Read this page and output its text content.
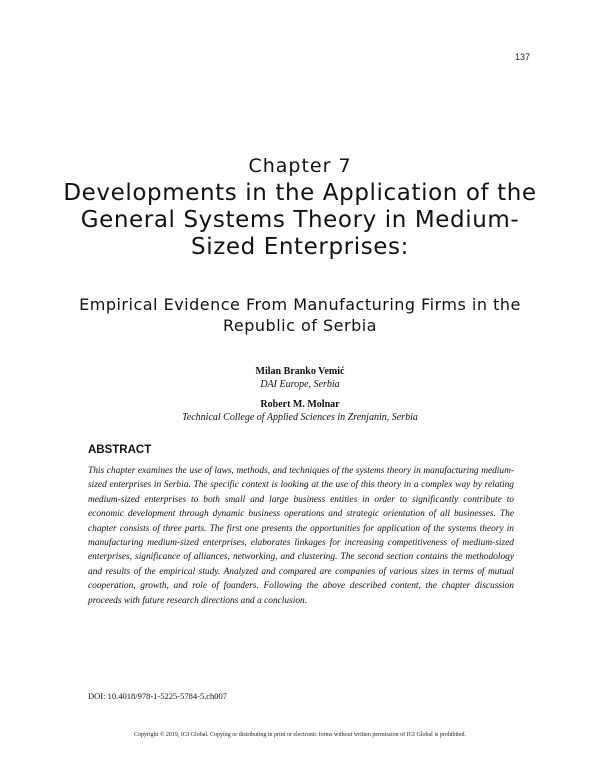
137
Chapter 7
Developments in the Application of the General Systems Theory in Medium-Sized Enterprises:
Empirical Evidence From Manufacturing Firms in the Republic of Serbia
Milan Branko Vemić
DAI Europe, Serbia
Robert M. Molnar
Technical College of Applied Sciences in Zrenjanin, Serbia
ABSTRACT

This chapter examines the use of laws, methods, and techniques of the systems theory in manufacturing medium-sized enterprises in Serbia. The specific context is looking at the use of this theory in a complex way by relating medium-sized enterprises to both small and large business entities in order to significantly contribute to economic development through dynamic business operations and strategic orientation of all businesses. The chapter consists of three parts. The first one presents the opportunities for application of the systems theory in manufacturing medium-sized enterprises, elaborates linkages for increasing competitiveness of medium-sized enterprises, significance of alliances, networking, and clustering. The second section contains the methodology and results of the empirical study. Analyzed and compared are companies of various sizes in terms of mutual cooperation, growth, and role of founders. Following the above described content, the chapter discussion proceeds with future research directions and a conclusion.

DOI: 10.4018/978-1-5225-5784-5.ch007
Copyright © 2019, IGI Global. Copying or distributing in print or electronic forms without written permission of IGI Global is prohibited.
